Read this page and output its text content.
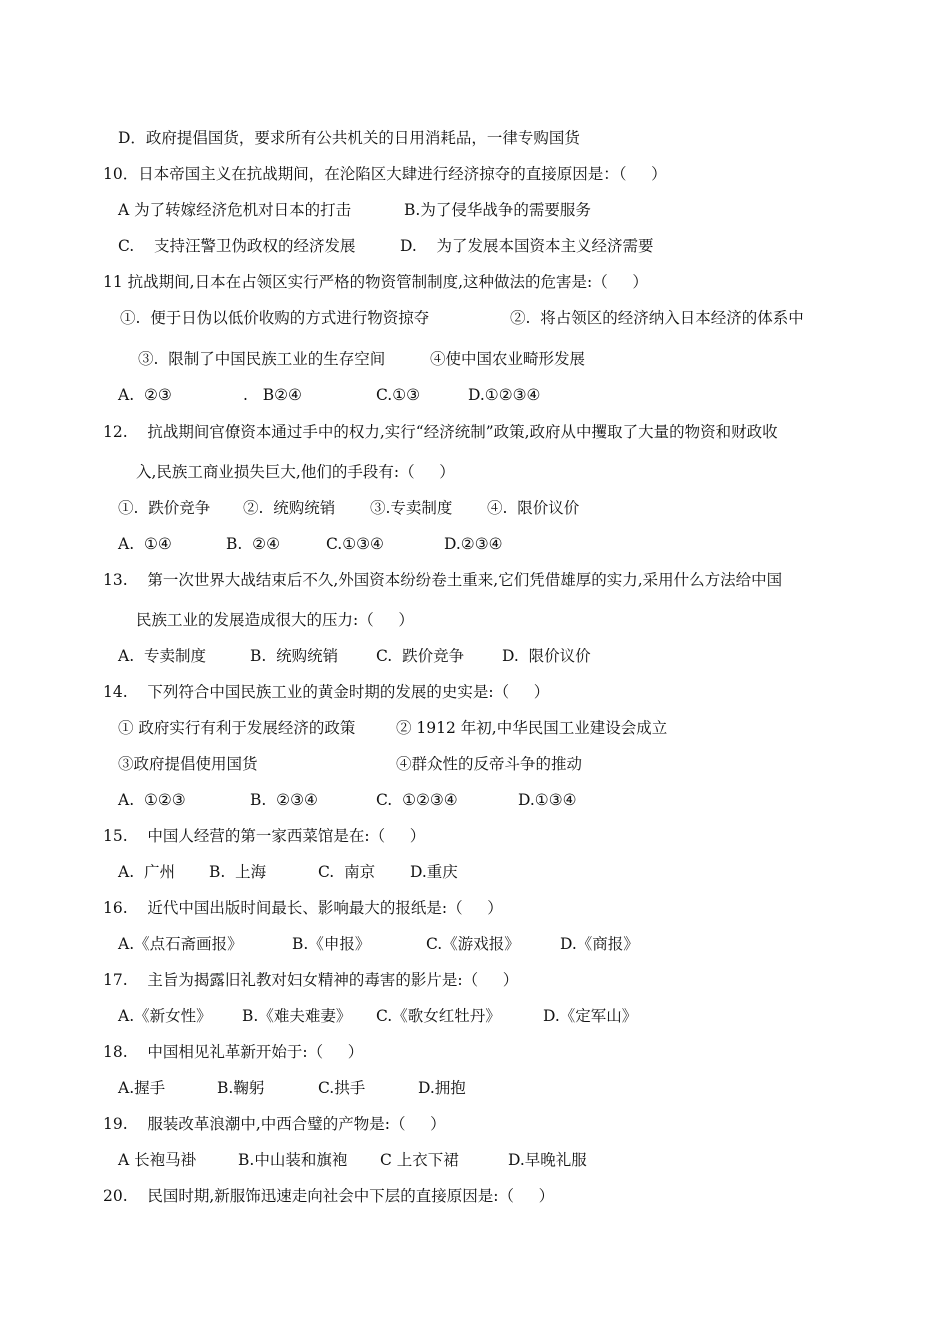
D．政府提倡国货，要求所有公共机关的日用消耗品，一律专购国货
10．日本帝国主义在抗战期间，在沦陷区大肆进行经济掠夺的直接原因是：（     ）
A 为了转嫁经济危机对日本的打击	B.为了侵华战争的需要服务
C.    支持汪警卫伪政权的经济发展	D.    为了发展本国资本主义经济需要
11 抗战期间,日本在占领区实行严格的物资管制制度,这种做法的危害是:（     ）
①.  便于日伪以低价收购的方式进行物资掠夺	②.  将占领区的经济纳入日本经济的体系中
③.  限制了中国民族工业的生存空间	④使中国农业畸形发展
A.  ②③	.   B②④	C.①③	D.①②③④
12.    抗战期间官僚资本通过手中的权力,实行“经济统制”政策,政府从中攫取了大量的物资和财政收
入,民族工商业损失巨大,他们的手段有:（     ）
①.  跌价竞争 ②.  统购统销 ③.专卖制度 ④.  限价议价
A.  ①④	B.  ②④	C.①③④	D.②③④
13.    第一次世界大战结束后不久,外国资本纷纷卷土重来,它们凭借雄厚的实力,采用什么方法给中国
民族工业的发展造成很大的压力:（     ）
A.  专卖制度	B.  统购统销 C.  跌价竞争 D.  限价议价
14.    下列符合中国民族工业的黄金时期的发展的史实是:（     ）
① 政府实行有利于发展经济的政策	② 1912 年初,中华民国工业建设会成立
③政府提倡使用国货	④群众性的反帝斗争的推动
A.  ①②③	B.  ②③④	C.  ①②③④	D.①③④
15.    中国人经营的第一家西菜馆是在:（     ）
A.  广州 B.  上海	C.  南京 D.重庆
16.    近代中国出版时间最长、影响最大的报纸是:（     ）
A.《点石斋画报》	B.《申报》	C.《游戏报》	D.《商报》
17.    主旨为揭露旧礼教对妇女精神的毒害的影片是:（     ）
A.《新女性》 B.《难夫难妻》 C.《歌女红牡丹》	D.《定军山》
18.    中国相见礼革新开始于:（     ）
A.握手	B.鞠躬	C.拱手	D.拥抱
19.    服装改革浪潮中,中西合璧的产物是:（     ）
A 长袍马褂	B.中山装和旗袍 C 上衣下裙	D.早晚礼服
20.    民国时期,新服饰迅速走向社会中下层的直接原因是:（     ）
